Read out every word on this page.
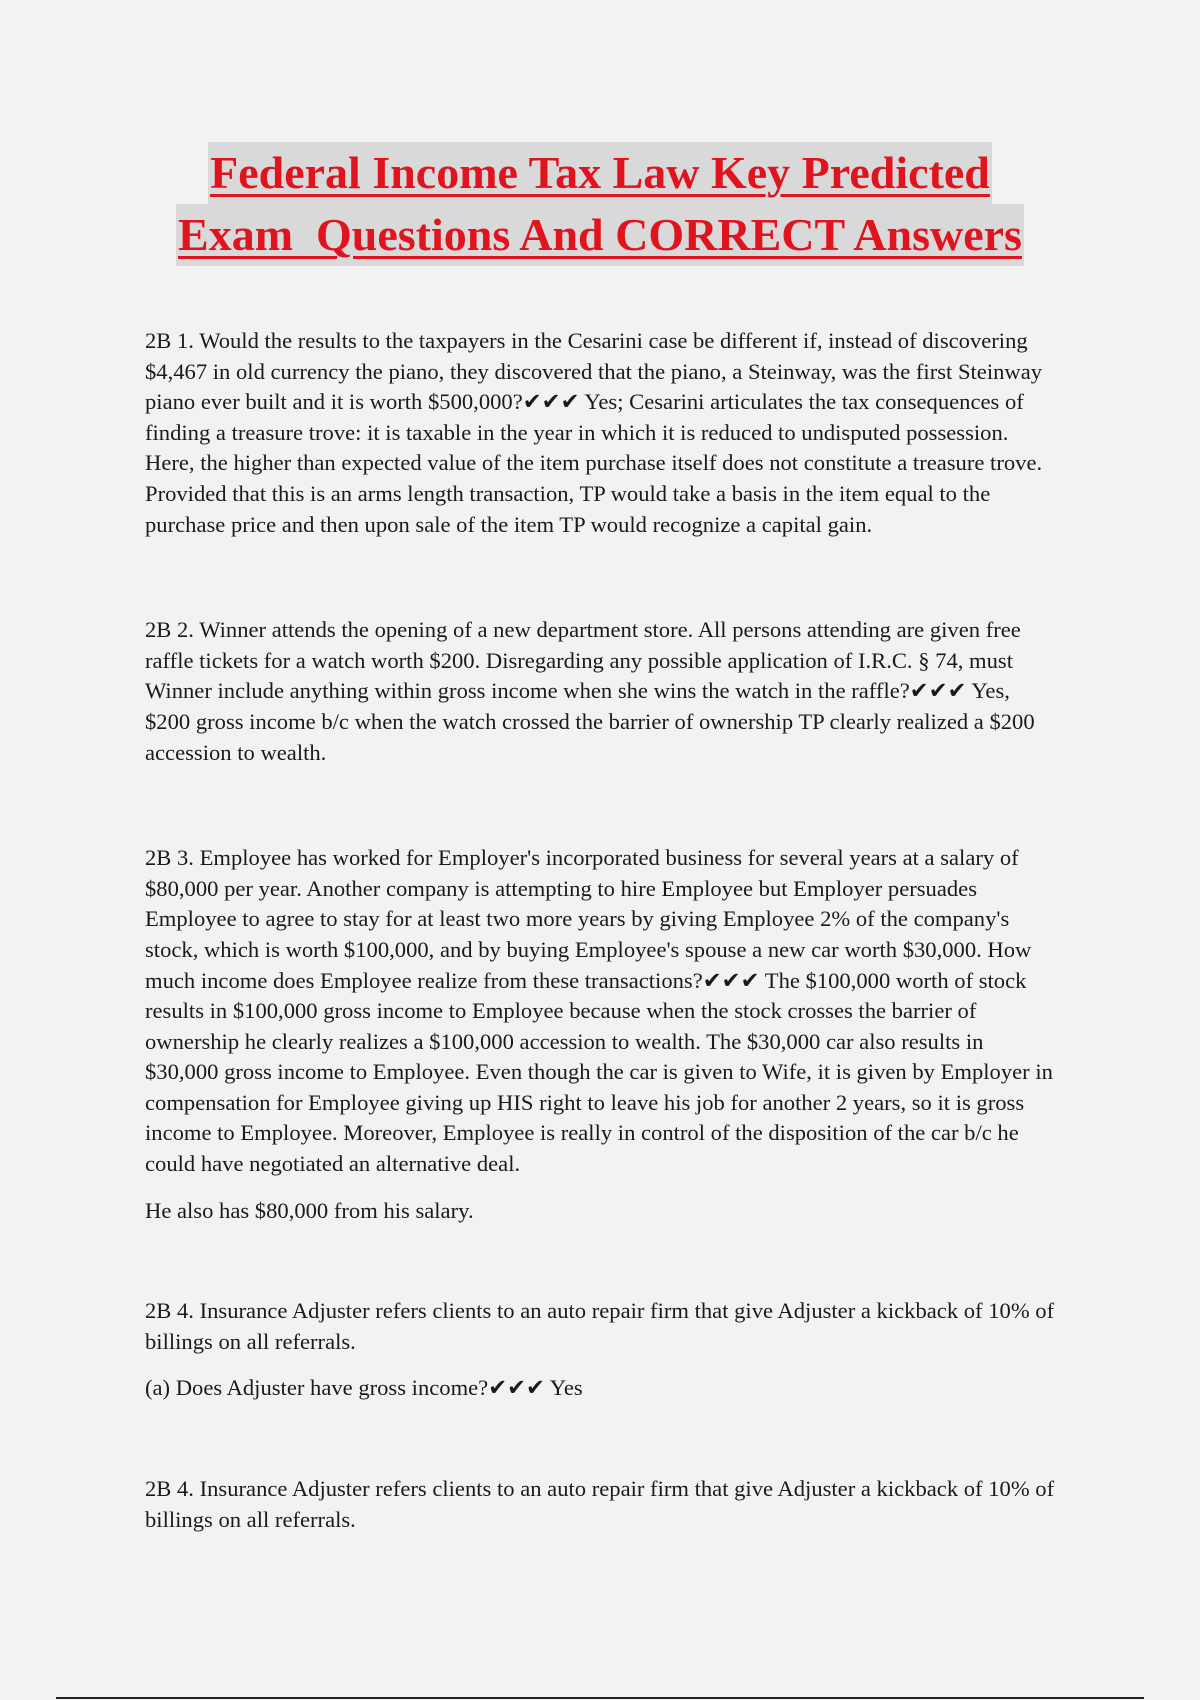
Federal Income Tax Law Key Predicted
Exam  Questions And CORRECT Answers

2B 1. Would the results to the taxpayers in the Cesarini case be different if, instead of discovering $4,467 in old currency the piano, they discovered that the piano, a Steinway, was the first Steinway piano ever built and it is worth $500,000?✔✔✔ Yes; Cesarini articulates the tax consequences of finding a treasure trove: it is taxable in the year in which it is reduced to undisputed possession. Here, the higher than expected value of the item purchase itself does not constitute a treasure trove. Provided that this is an arms length transaction, TP would take a basis in the item equal to the purchase price and then upon sale of the item TP would recognize a capital gain.

2B 2. Winner attends the opening of a new department store. All persons attending are given free raffle tickets for a watch worth $200. Disregarding any possible application of I.R.C. § 74, must Winner include anything within gross income when she wins the watch in the raffle?✔✔✔ Yes, $200 gross income b/c when the watch crossed the barrier of ownership TP clearly realized a $200 accession to wealth.

2B 3. Employee has worked for Employer's incorporated business for several years at a salary of $80,000 per year. Another company is attempting to hire Employee but Employer persuades Employee to agree to stay for at least two more years by giving Employee 2% of the company's stock, which is worth $100,000, and by buying Employee's spouse a new car worth $30,000. How much income does Employee realize from these transactions?✔✔✔ The $100,000 worth of stock results in $100,000 gross income to Employee because when the stock crosses the barrier of ownership he clearly realizes a $100,000 accession to wealth. The $30,000 car also results in $30,000 gross income to Employee. Even though the car is given to Wife, it is given by Employer in compensation for Employee giving up HIS right to leave his job for another 2 years, so it is gross income to Employee. Moreover, Employee is really in control of the disposition of the car b/c he could have negotiated an alternative deal.

He also has $80,000 from his salary.

2B 4. Insurance Adjuster refers clients to an auto repair firm that give Adjuster a kickback of 10% of billings on all referrals.

(a) Does Adjuster have gross income?✔✔✔ Yes

2B 4. Insurance Adjuster refers clients to an auto repair firm that give Adjuster a kickback of 10% of billings on all referrals.
